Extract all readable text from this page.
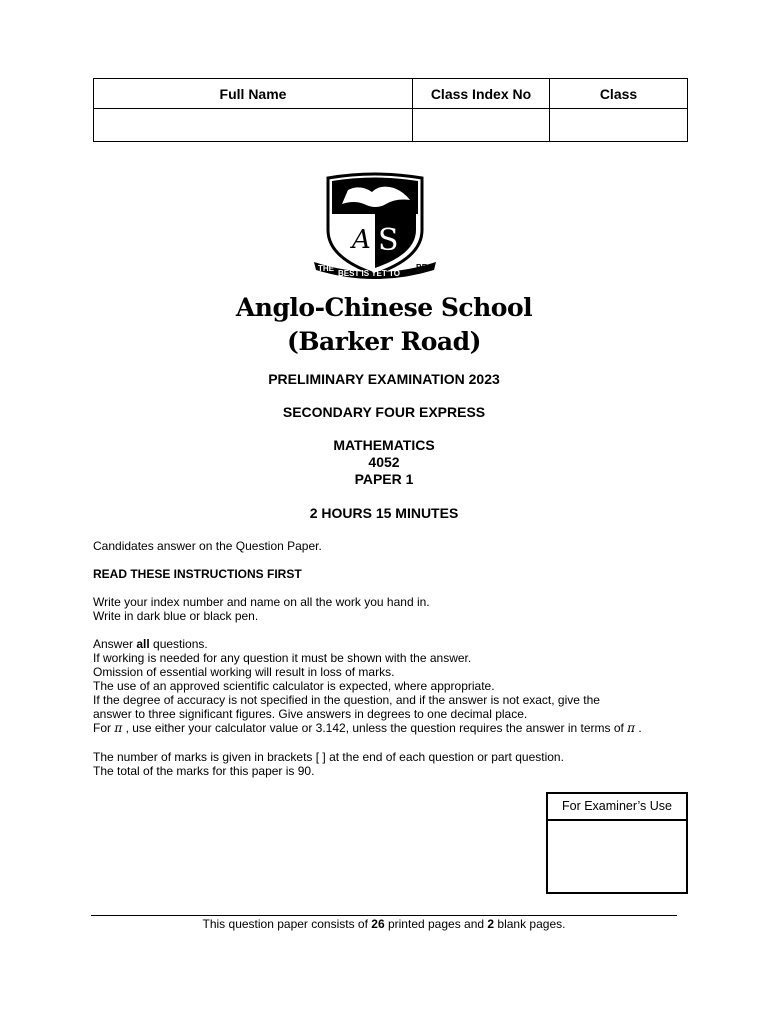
Full Name	Class Index No	Class

A S
THE
BEST IS YET TO
BE
Anglo-Chinese School
(Barker Road)
PRELIMINARY EXAMINATION 2023
SECONDARY FOUR EXPRESS
MATHEMATICS
4052
PAPER 1
2 HOURS 15 MINUTES
Candidates answer on the Question Paper.
READ THESE INSTRUCTIONS FIRST
Write your index number and name on all the work you hand in.
Write in dark blue or black pen.
Answer all questions.
If working is needed for any question it must be shown with the answer.
Omission of essential working will result in loss of marks.
The use of an approved scientific calculator is expected, where appropriate.
If the degree of accuracy is not specified in the question, and if the answer is not exact, give the
answer to three significant figures. Give answers in degrees to one decimal place.
For π , use either your calculator value or 3.142, unless the question requires the answer in terms of π .
The number of marks is given in brackets [ ] at the end of each question or part question.
The total of the marks for this paper is 90.
For Examiner’s Use
This question paper consists of 26 printed pages and 2 blank pages.
